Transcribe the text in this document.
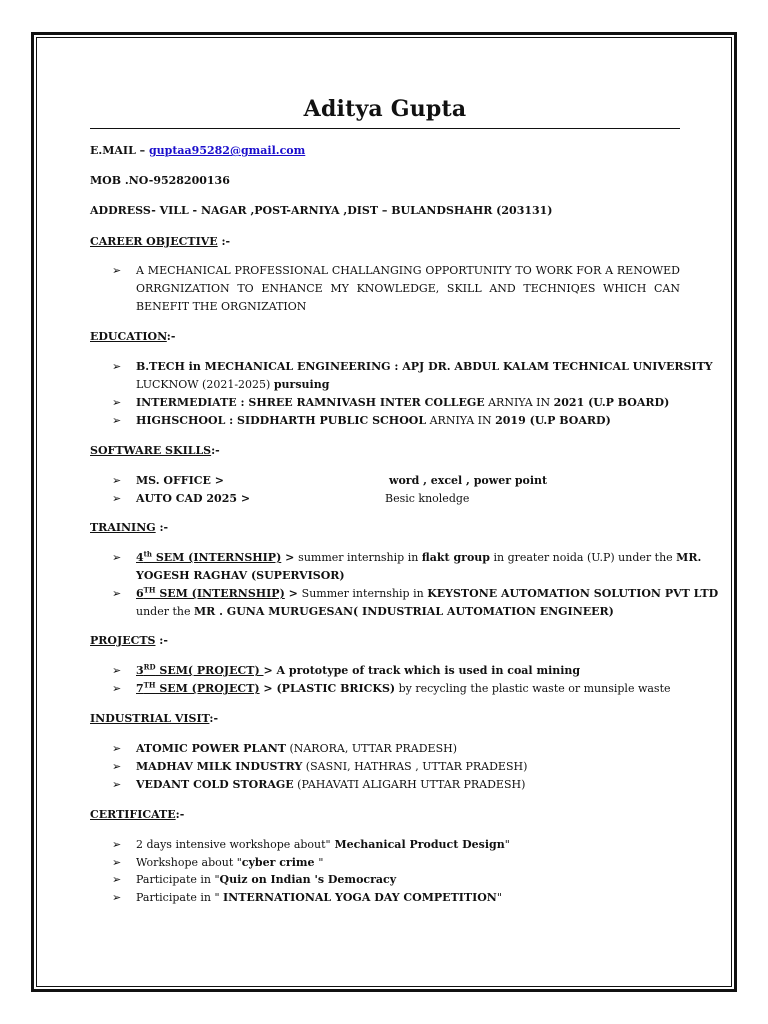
Aditya Gupta
E.MAIL – guptaa95282@gmail.com
MOB .NO-9528200136
ADDRESS- VILL - NAGAR ,POST-ARNIYA ,DIST – BULANDSHAHR (203131)
CAREER OBJECTIVE :-
➢ A MECHANICAL PROFESSIONAL CHALLANGING OPPORTUNITY TO WORK FOR A RENOWED ORRGNIZATION TO ENHANCE MY KNOWLEDGE, SKILL AND TECHNIQES WHICH CAN BENEFIT THE ORGNIZATION
EDUCATION:-
➢ B.TECH in MECHANICAL ENGINEERING : APJ DR. ABDUL KALAM TECHNICAL UNIVERSITY
LUCKNOW (2021-2025) pursuing
➢ INTERMEDIATE : SHREE RAMNIVASH INTER COLLEGE ARNIYA IN 2021 (U.P BOARD)
➢ HIGHSCHOOL : SIDDHARTH PUBLIC SCHOOL ARNIYA IN 2019 (U.P BOARD)
SOFTWARE SKILLS:-
➢ MS. OFFICE >	word , excel , power point
➢ AUTO CAD 2025 >	Besic knoledge
TRAINING :-
➢ 4th SEM (INTERNSHIP) > summer internship in flakt group in greater noida (U.P) under the MR.
YOGESH RAGHAV (SUPERVISOR)
➢ 6TH SEM (INTERNSHIP) > Summer internship in KEYSTONE AUTOMATION SOLUTION PVT LTD
under the MR . GUNA MURUGESAN( INDUSTRIAL AUTOMATION ENGINEER)
PROJECTS :-
➢ 3RD SEM( PROJECT) > A prototype of track which is used in coal mining
➢ 7TH SEM (PROJECT) > (PLASTIC BRICKS) by recycling the plastic waste or munsiple waste
INDUSTRIAL VISIT:-
➢ ATOMIC POWER PLANT (NARORA, UTTAR PRADESH)
➢ MADHAV MILK INDUSTRY (SASNI, HATHRAS , UTTAR PRADESH)
➢ VEDANT COLD STORAGE (PAHAVATI ALIGARH UTTAR PRADESH)
CERTIFICATE:-
➢ 2 days intensive workshope about" Mechanical Product Design"
➢ Workshope about "cyber crime "
➢ Participate in "Quiz on Indian 's Democracy
➢ Participate in " INTERNATIONAL YOGA DAY COMPETITION"
